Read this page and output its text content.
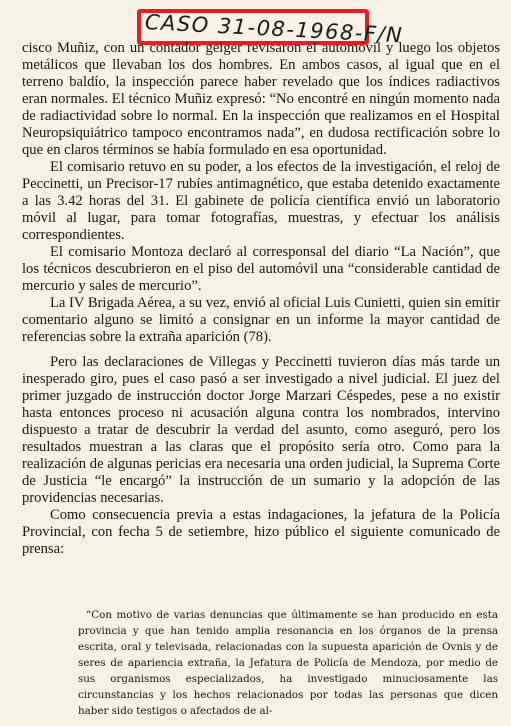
CASO 31-08-1968-F/N

cisco Muñiz, con un contador geiger revisaron el automóvil y luego los objetos metálicos que llevaban los dos hombres. En ambos casos, al igual que en el terreno baldío, la inspección parece haber revelado que los índices radiactivos eran normales. El técnico Muñiz expresó: “No encontré en ningún momento nada de radiactividad sobre lo normal. En la inspección que realizamos en el Hospital Neuropsiquiátrico tampoco encontramos nada”, en dudosa rectificación sobre lo que en claros términos se había formulado en esa oportunidad.

El comisario retuvo en su poder, a los efectos de la investigación, el reloj de Peccinetti, un Precisor-17 rubíes antimagnético, que estaba detenido exactamente a las 3.42 horas del 31. El gabinete de policía científica envió un laboratorio móvil al lugar, para tomar fotografías, muestras, y efectuar los análisis correspondientes.

El comisario Montoza declaró al corresponsal del diario “La Nación”, que los técnicos descubrieron en el piso del automóvil una “considerable cantidad de mercurio y sales de mercurio”.

La IV Brigada Aérea, a su vez, envió al oficial Luis Cunietti, quien sin emitir comentario alguno se limitó a consignar en un informe la mayor cantidad de referencias sobre la extraña aparición (78).

Pero las declaraciones de Villegas y Peccinetti tuvieron días más tarde un inesperado giro, pues el caso pasó a ser investigado a nivel judicial. El juez del primer juzgado de instrucción doctor Jorge Marzari Céspedes, pese a no existir hasta entonces proceso ni acusación alguna contra los nombrados, intervino dispuesto a tratar de descubrir la verdad del asunto, como aseguró, pero los resultados muestran a las claras que el propósito sería otro. Como para la realización de algunas pericias era necesaria una orden judicial, la Suprema Corte de Justicia “le encargó” la instrucción de un sumario y la adopción de las providencias necesarias.

Como consecuencia previa a estas indagaciones, la jefatura de la Policía Provincial, con fecha 5 de setiembre, hizo público el siguiente comunicado de prensa:

“Con motivo de varias denuncias que últimamente se han producido en esta provincia y que han tenido amplia resonancia en los órganos de la prensa escrita, oral y televisada, relacionadas con la supuesta aparición de Ovnis y de seres de apariencia extraña, la Jefatura de Policía de Mendoza, por medio de sus organismos especializados, ha investigado minuciosamente las circunstancias y los hechos relacionados por todas las personas que dicen haber sido testigos o afectados de al-
